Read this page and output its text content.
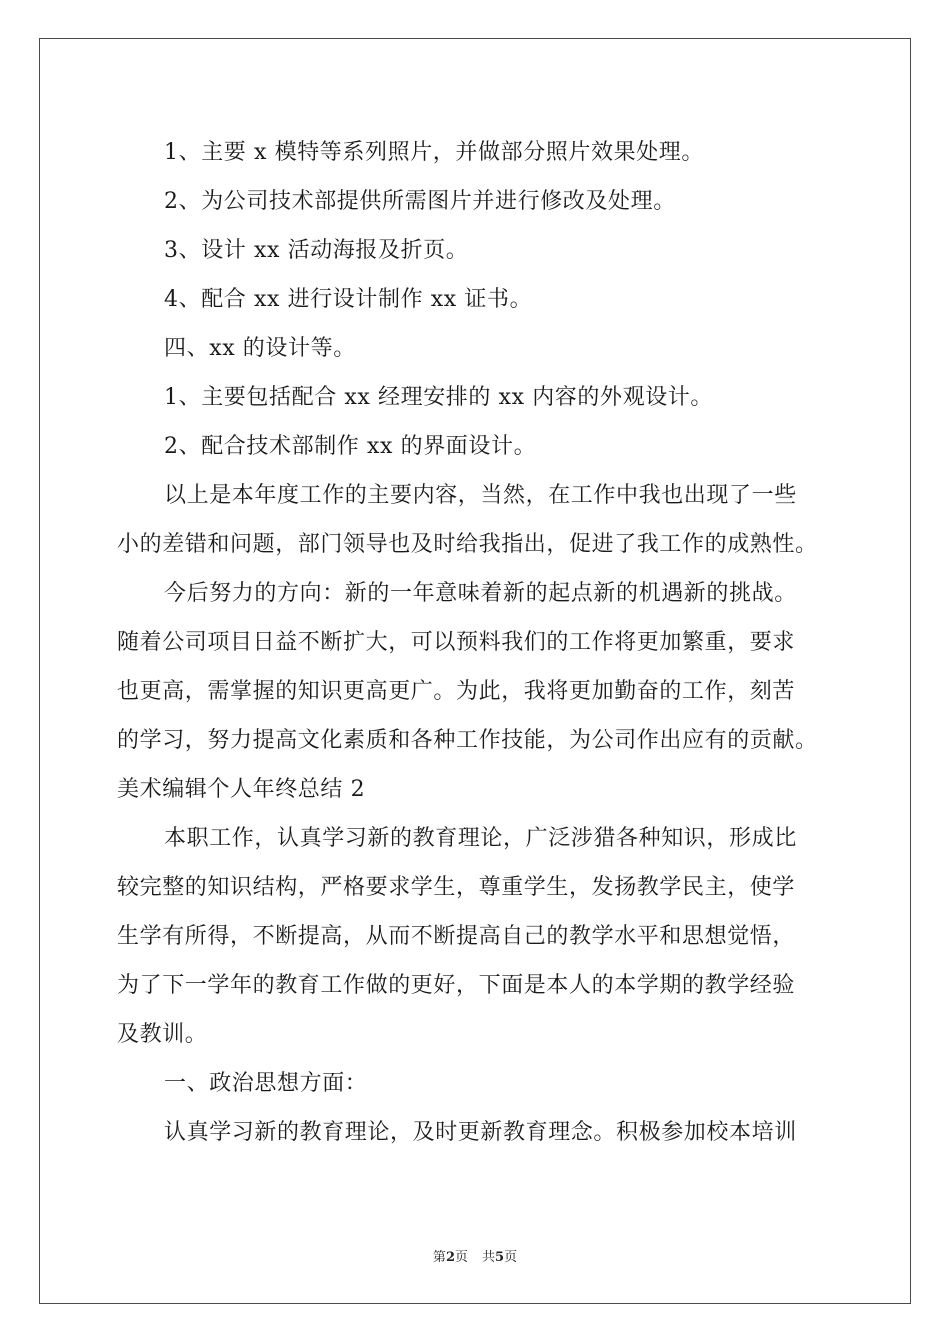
1、主要 x 模特等系列照片，并做部分照片效果处理。
2、为公司技术部提供所需图片并进行修改及处理。
3、设计 xx 活动海报及折页。
4、配合 xx 进行设计制作 xx 证书。
四、xx 的设计等。
1、主要包括配合 xx 经理安排的 xx 内容的外观设计。
2、配合技术部制作 xx 的界面设计。
以上是本年度工作的主要内容，当然，在工作中我也出现了一些
小的差错和问题，部门领导也及时给我指出，促进了我工作的成熟性。
今后努力的方向：新的一年意味着新的起点新的机遇新的挑战。
随着公司项目日益不断扩大，可以预料我们的工作将更加繁重，要求
也更高，需掌握的知识更高更广。为此，我将更加勤奋的工作，刻苦
的学习，努力提高文化素质和各种工作技能，为公司作出应有的贡献。
美术编辑个人年终总结 2
本职工作，认真学习新的教育理论，广泛涉猎各种知识，形成比
较完整的知识结构，严格要求学生，尊重学生，发扬教学民主，使学
生学有所得，不断提高，从而不断提高自己的教学水平和思想觉悟，
为了下一学年的教育工作做的更好，下面是本人的本学期的教学经验
及教训。
一、政治思想方面：
认真学习新的教育理论，及时更新教育理念。积极参加校本培训
第2页 共5页
